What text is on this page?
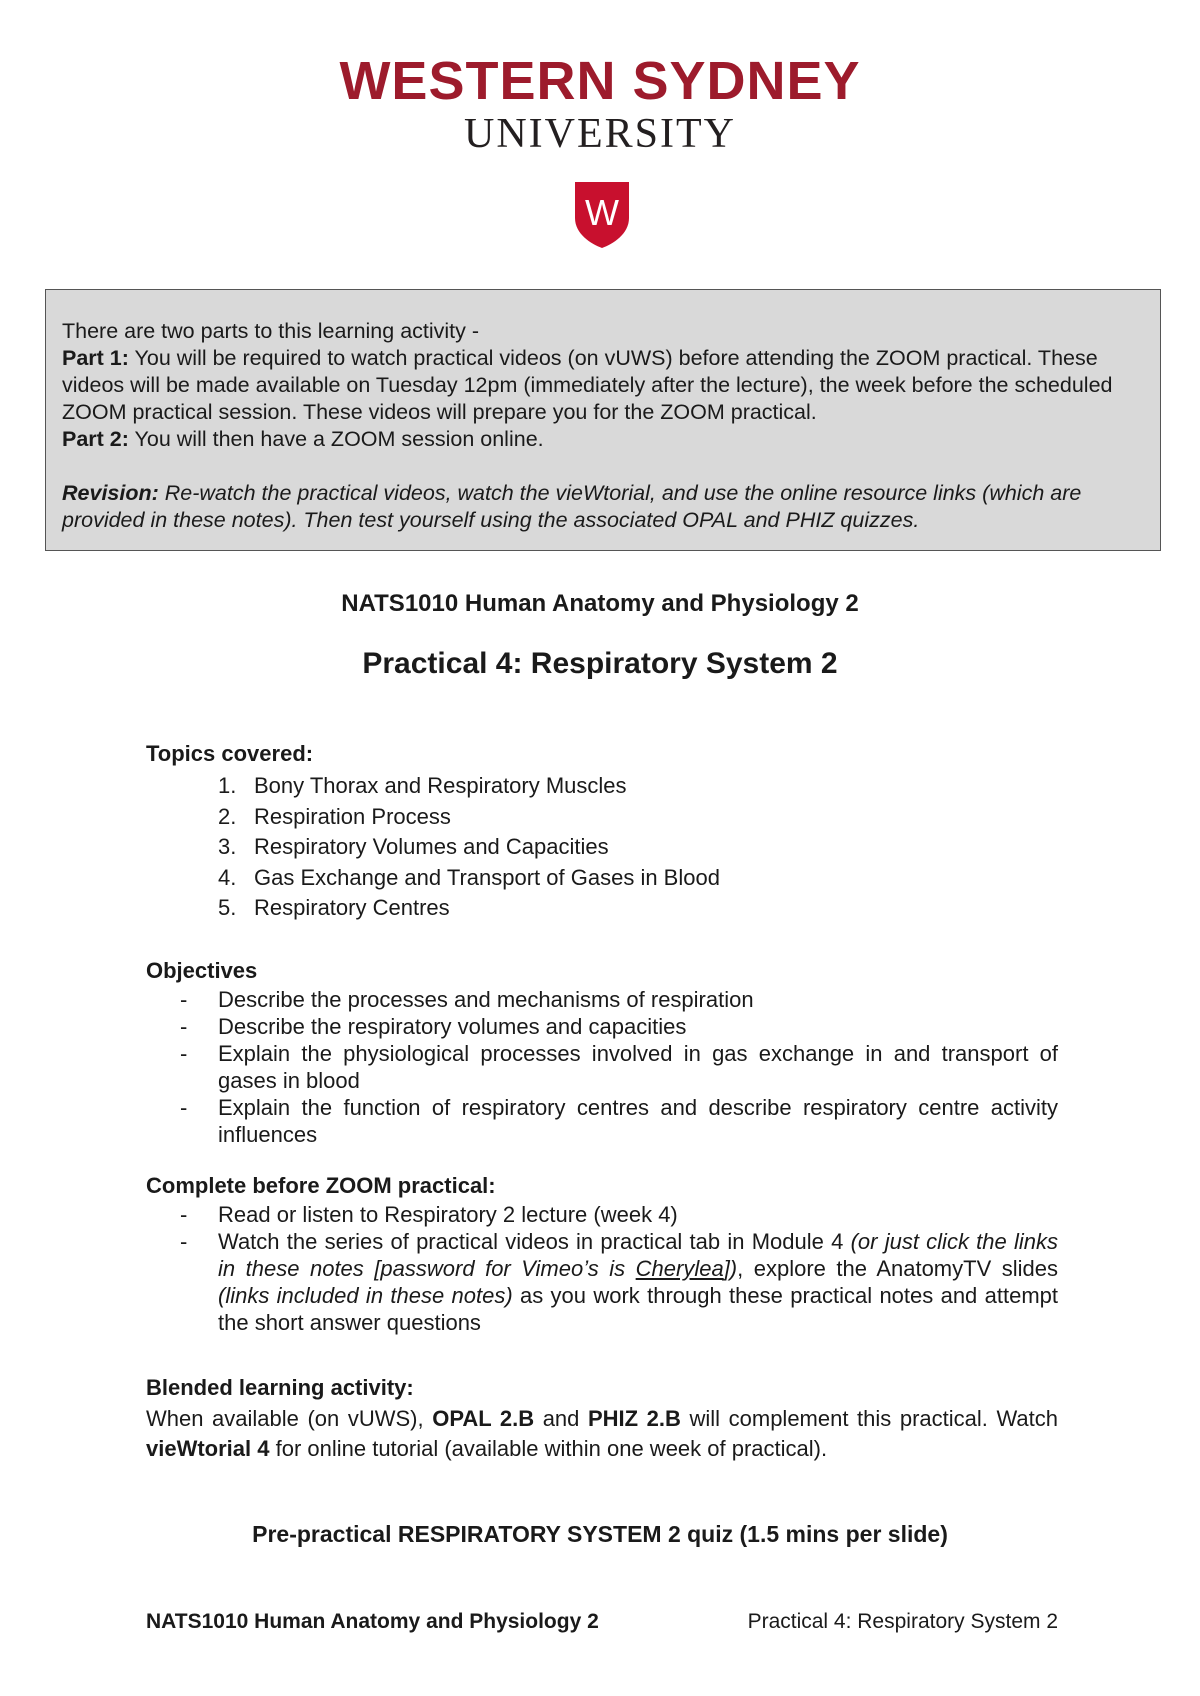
WESTERN SYDNEY
UNIVERSITY
W

There are two parts to this learning activity -

Part 1: You will be required to watch practical videos (on vUWS) before attending the ZOOM practical. These videos will be made available on Tuesday 12pm (immediately after the lecture), the week before the scheduled ZOOM practical session. These videos will prepare you for the ZOOM practical.

Part 2: You will then have a ZOOM session online.

Revision: Re-watch the practical videos, watch the vieWtorial, and use the online resource links (which are provided in these notes). Then test yourself using the associated OPAL and PHIZ quizzes.

NATS1010 Human Anatomy and Physiology 2
Practical 4: Respiratory System 2
Topics covered:
1. Bony Thorax and Respiratory Muscles
2. Respiration Process
3. Respiratory Volumes and Capacities
4. Gas Exchange and Transport of Gases in Blood
5. Respiratory Centres
Objectives
- Describe the processes and mechanisms of respiration
- Describe the respiratory volumes and capacities
- Explain the physiological processes involved in gas exchange in and transport of gases in blood
- Explain the function of respiratory centres and describe respiratory centre activity influences
Complete before ZOOM practical:
- Read or listen to Respiratory 2 lecture (week 4)
- Watch the series of practical videos in practical tab in Module 4 (or just click the links in these notes [password for Vimeo’s is Cherylea]), explore the AnatomyTV slides (links included in these notes) as you work through these practical notes and attempt the short answer questions
Blended learning activity:

When available (on vUWS), OPAL 2.B and PHIZ 2.B will complement this practical. Watch vieWtorial 4 for online tutorial (available within one week of practical).

Pre-practical RESPIRATORY SYSTEM 2 quiz (1.5 mins per slide)
NATS1010 Human Anatomy and Physiology 2	Practical 4: Respiratory System 2
